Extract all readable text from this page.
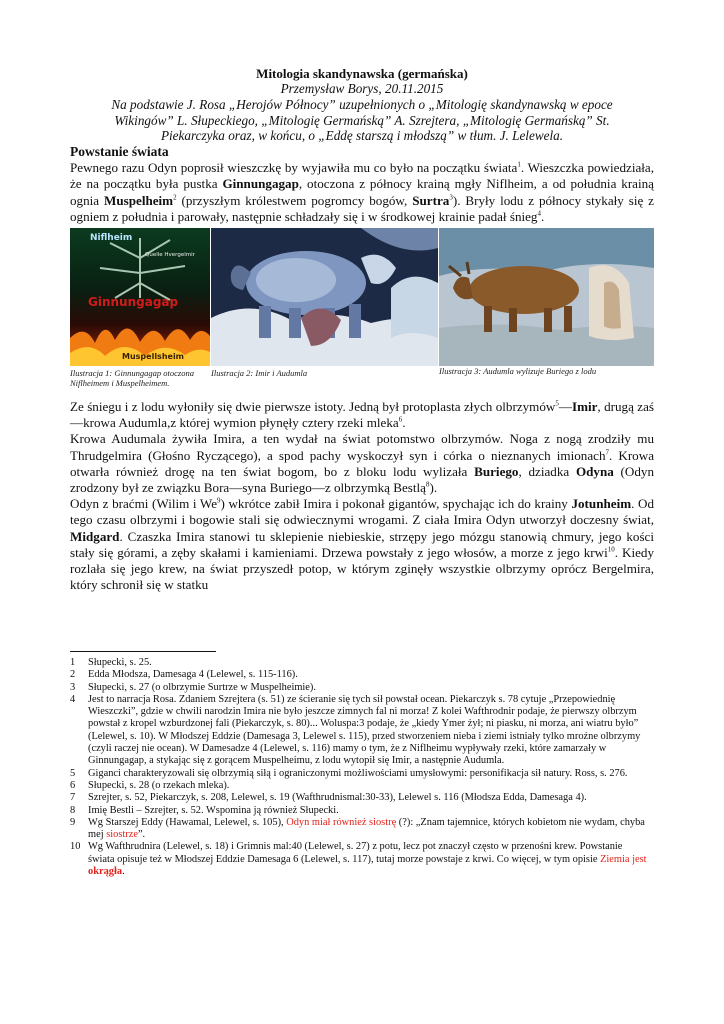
Mitologia skandynawska (germańska)

Przemysław Borys, 20.11.2015

Na podstawie J. Rosa „Herojów Północy” uzupełnionych o „Mitologię skandynawską w epoce

Wikingów” L. Słupeckiego, „Mitologię Germańską” A. Szrejtera, „Mitologię Germańską” St.

Piekarczyka oraz, w końcu, o „Eddę starszą i młodszą” w tłum. J. Lelewela.

Powstanie świata

Pewnego razu Odyn poprosił wieszczkę by wyjawiła mu co było na początku świata$^1$. Wieszczka powiedziała, że na początku była pustka Ginnungagap, otoczona z północy krainą mgły Niflheim, a od południa krainą ognia Muspelheim$^2$ (przyszłym królestwem pogromcy bogów, Surtra$^3$). Bryły lodu z północy stykały się z ogniem z południa i parowały, następnie schładzały się i w środkowej krainie padał śnieg$^4$.

Niflheim
Quelle Hvergelmir
Ginnungagap
Muspellsheim
Ilustracja 1: Ginnungagap otoczona Niflheimem i Muspelheimem.
Ilustracja 2: Imir i Audumla	Ilustracja 3: Audumla wylizuje Buriego z lodu

Ze śniegu i z lodu wyłoniły się dwie pierwsze istoty. Jedną był protoplasta złych olbrzymów$^5$—Imir, drugą zaś—krowa Audumla,z której wymion płynęły cztery rzeki mleka$^6$.

Krowa Audumala żywiła Imira, a ten wydał na świat potomstwo olbrzymów. Noga z nogą zrodziły mu Thrudgelmira (Głośno Ryczącego), a spod pachy wyskoczył syn i córka o nieznanych imionach$^7$. Krowa otwarła również drogę na ten świat bogom, bo z bloku lodu wylizała Buriego, dziadka Odyna (Odyn zrodzony był ze związku Bora—syna Buriego—z olbrzymką Bestlą$^8$).

Odyn z braćmi (Wilim i We$^9$) wkrótce zabił Imira i pokonał gigantów, spychając ich do krainy Jotunheim. Od tego czasu olbrzymi i bogowie stali się odwiecznymi wrogami. Z ciała Imira Odyn utworzył doczesny świat, Midgard. Czaszka Imira stanowi tu sklepienie niebieskie, strzępy jego mózgu stanowią chmury, jego kości stały się górami, a zęby skałami i kamieniami. Drzewa powstały z jego włosów, a morze z jego krwi$^{10}$. Kiedy rozlała się jego krew, na świat przyszedł potop, w którym zginęły wszystkie olbrzymy oprócz Bergelmira, który schronił się w statku

1	Słupecki, s. 25.

2	Edda Młodsza, Damesaga 4 (Lelewel, s. 115-116).

3	Słupecki, s. 27 (o olbrzymie Surtrze w Muspelheimie).

4	Jest to narracja Rosa. Zdaniem Szrejtera (s. 51) ze ścieranie się tych sił powstał ocean. Piekarczyk s. 78 cytuje „Przepowiednię Wieszczki”, gdzie w chwili narodzin Imira nie było jeszcze zimnych fal ni morza! Z kolei Wafthrodnir podaje, że pierwszy olbrzym powstał z kropel wzburdzonej fali (Piekarczyk, s. 80)... Woluspa:3 podaje, że „kiedy Ymer żył; ni piasku, ni morza, ani wiatru było” (Lelewel, s. 10). W Młodszej Eddzie (Damesaga 3, Lelewel s. 115), przed stworzeniem nieba i ziemi istniały tylko mroźne olbrzymy (czyli raczej nie ocean). W Damesadze 4 (Lelewel, s. 116) mamy o tym, że z Niflheimu wypływały rzeki, które zamarzały w Ginnungagap, a stykając się z gorącem Muspelheimu, z lodu wytopił się Imir, a następnie Audumla.

5	Giganci charakteryzowali się olbrzymią siłą i ograniczonymi możliwościami umysłowymi: personifikacja sił natury. Ross, s. 276.

6	Słupecki, s. 28 (o rzekach mleka).

7	Szrejter, s. 52, Piekarczyk, s. 208, Lelewel, s. 19 (Wafthrudnismal:30-33), Lelewel s. 116 (Młodsza Edda, Damesaga 4).

8	Imię Bestli – Szrejter, s. 52. Wspomina ją również Słupecki.

9	Wg Starszej Eddy (Hawamal, Lelewel, s. 105), Odyn miał również siostrę (?): „Znam tajemnice, których kobietom nie wydam, chyba mej siostrze”.

10 Wg Wafthrudnira (Lelewel, s. 18) i Grimnis mal:40 (Lelewel, s. 27) z potu, lecz pot znaczył często w przenośni krew. Powstanie świata opisuje też w Młodszej Eddzie Damesaga 6 (Lelewel, s. 117), tutaj morze powstaje z krwi. Co więcej, w tym opisie Ziemia jest okrągła.
